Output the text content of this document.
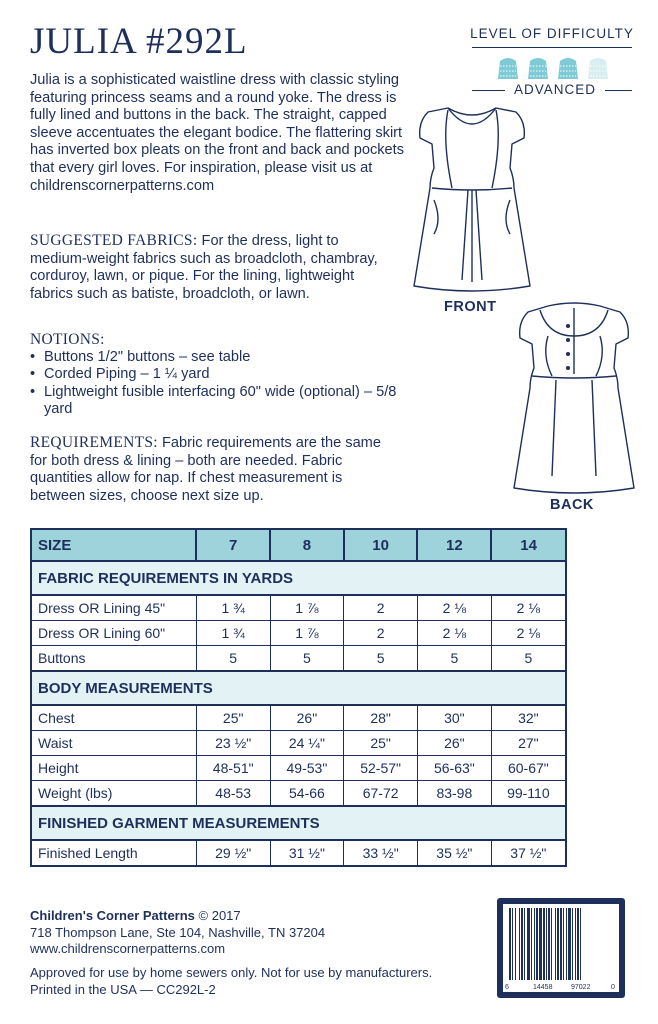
JULIA #292L
Julia is a sophisticated waistline dress with classic styling featuring princess seams and a round yoke. The dress is fully lined and buttons in the back. The straight, capped sleeve accentuates the elegant bodice. The flattering skirt has inverted box pleats on the front and back and pockets that every girl loves. For inspiration, please visit us at childrenscornerpatterns.com
LEVEL OF DIFFICULTY
ADVANCED
FRONT
BACK
SUGGESTED FABRICS: For the dress, light to medium-weight fabrics such as broadcloth, chambray, corduroy, lawn, or pique. For the lining, lightweight fabrics such as batiste, broadcloth, or lawn.
NOTIONS:
• Buttons 1/2" buttons – see table
• Corded Piping – 1 ¼ yard
• Lightweight fusible interfacing 60" wide (optional) – 5/8 yard
REQUIREMENTS: Fabric requirements are the same for both dress & lining – both are needed. Fabric quantities allow for nap. If chest measurement is between sizes, choose next size up.
SIZE	7	8	10	12	14
FABRIC REQUIREMENTS IN YARDS					
Dress OR Lining 45"	1 ¾	1 ⅞	2	2 ⅛	2 ⅛
Dress OR Lining 60"	1 ¾	1 ⅞	2	2 ⅛	2 ⅛
Buttons	5	5	5	5	5
BODY MEASUREMENTS					
Chest	25"	26"	28"	30"	32"
Waist	23 ½"	24 ¼"	25"	26"	27"
Height	48-51"	49-53"	52-57"	56-63"	60-67"
Weight (lbs)	48-53	54-66	67-72	83-98	99-110
FINISHED GARMENT MEASUREMENTS					
Finished Length	29 ½"	31 ½"	33 ½"	35 ½"	37 ½"
Children's Corner Patterns © 2017
718 Thompson Lane, Ste 104, Nashville, TN 37204
www.childrenscornerpatterns.com
Approved for use by home sewers only. Not for use by manufacturers.
Printed in the USA — CC292L-2	6	14458	97022	0
